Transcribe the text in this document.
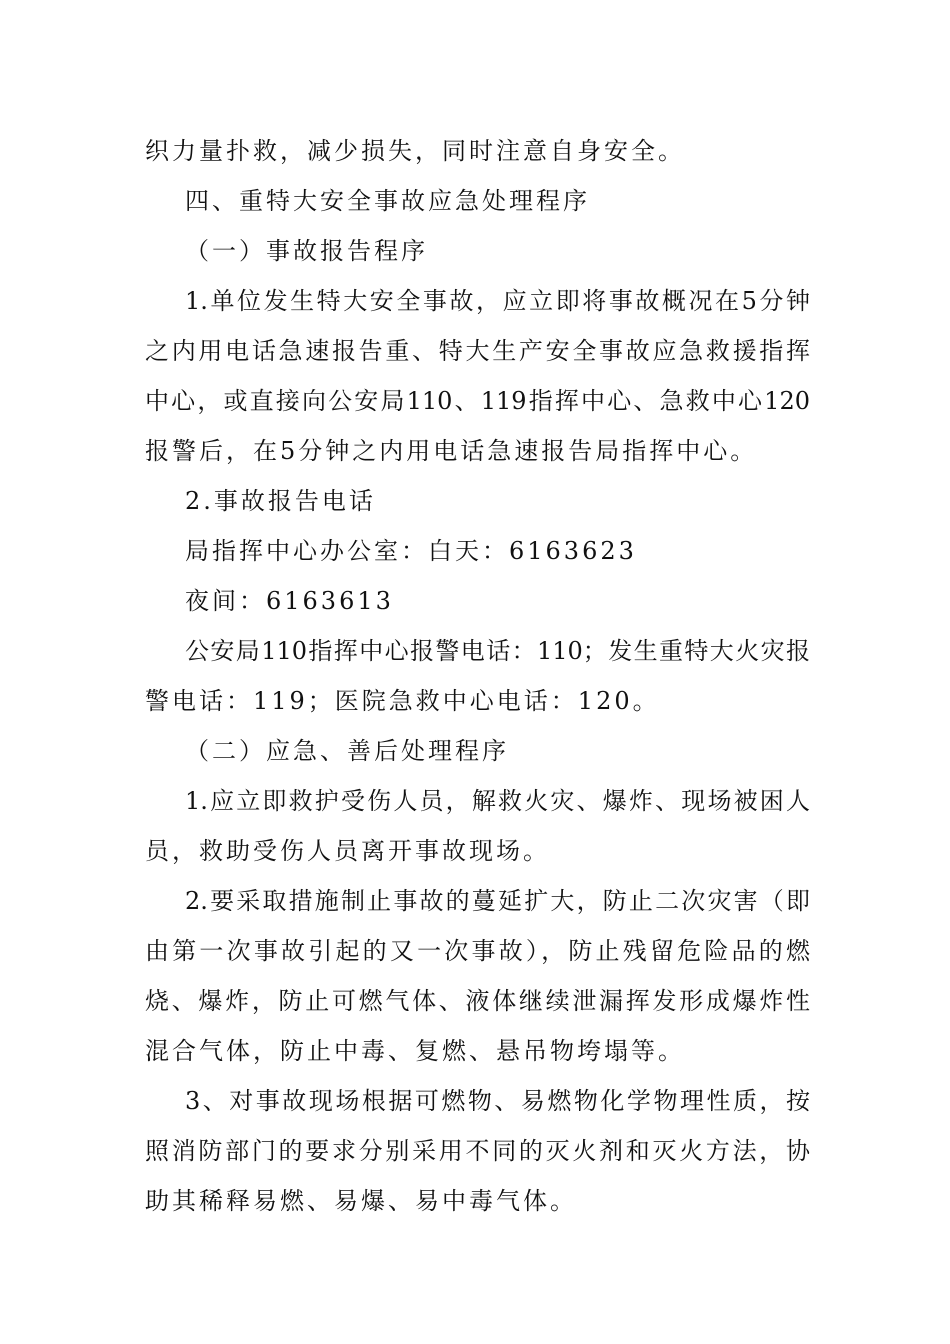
织力量扑救，减少损失，同时注意自身安全。
四、重特大安全事故应急处理程序
（一）事故报告程序
1.单位发生特大安全事故，应立即将事故概况在5分钟
之内用电话急速报告重、特大生产安全事故应急救援指挥
中心，或直接向公安局110、119指挥中心、急救中心120
报警后，在5分钟之内用电话急速报告局指挥中心。
2.事故报告电话
局指挥中心办公室：白天：6163623
夜间：6163613
公安局110指挥中心报警电话：110；发生重特大火灾报
警电话：119；医院急救中心电话：120。
（二）应急、善后处理程序
1.应立即救护受伤人员，解救火灾、爆炸、现场被困人
员，救助受伤人员离开事故现场。
2.要采取措施制止事故的蔓延扩大，防止二次灾害（即
由第一次事故引起的又一次事故），防止残留危险品的燃
烧、爆炸，防止可燃气体、液体继续泄漏挥发形成爆炸性
混合气体，防止中毒、复燃、悬吊物垮塌等。
3、对事故现场根据可燃物、易燃物化学物理性质，按
照消防部门的要求分别采用不同的灭火剂和灭火方法，协
助其稀释易燃、易爆、易中毒气体。
